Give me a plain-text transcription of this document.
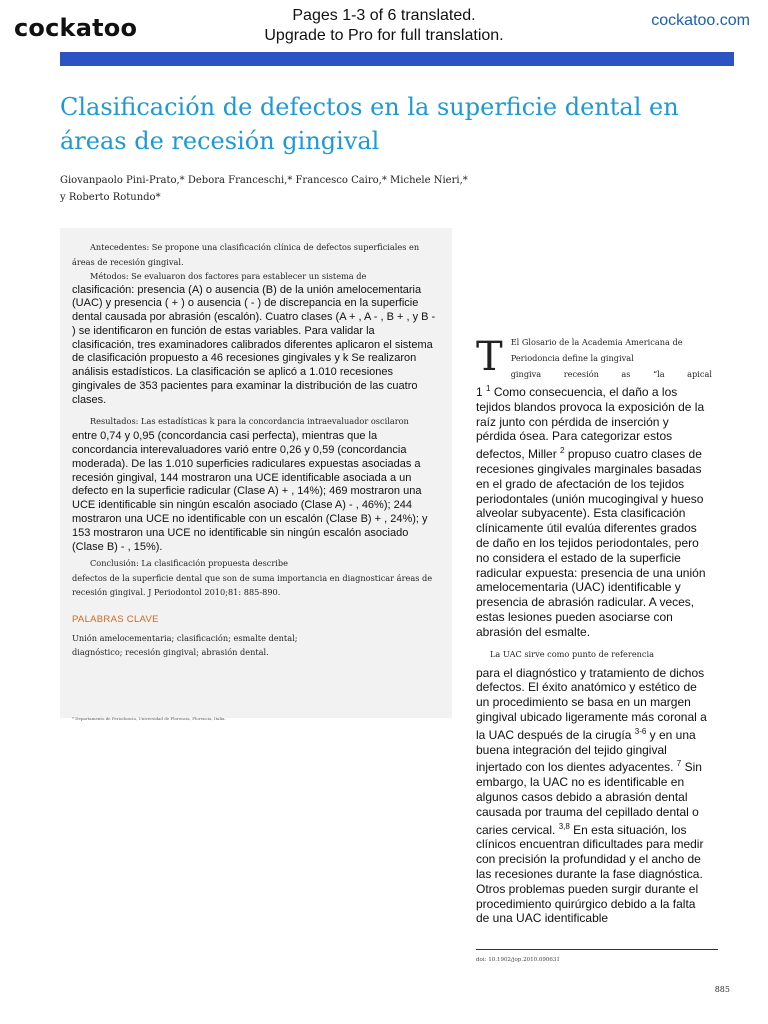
cockatoo	Pages 1-3 of 6 translated.
Upgrade to Pro for full translation.
cockatoo.com
Clasificación de defectos en la superficie dental en áreas de recesión gingival
Giovanpaolo Pini-Prato,* Debora Franceschi,* Francesco Cairo,* Michele Nieri,*
y Roberto Rotundo*

Antecedentes: Se propone una clasificación clínica de defectos superficiales en áreas de recesión gingival.

Métodos: Se evaluaron dos factores para establecer un sistema de

clasificación: presencia (A) o ausencia (B) de la unión amelocementaria (UAC) y presencia ( + ) o ausencia ( - ) de discrepancia en la superficie dental causada por abrasión (escalón). Cuatro clases (A + , A - , B + , y B - ) se identificaron en función de estas variables. Para validar la clasificación, tres examinadores calibrados diferentes aplicaron el sistema de clasificación propuesto a 46 recesiones gingivales y k Se realizaron análisis estadísticos. La clasificación se aplicó a 1.010 recesiones gingivales de 353 pacientes para examinar la distribución de las cuatro clases.

Resultados: Las estadísticas k para la concordancia intraevaluador oscilaron

entre 0,74 y 0,95 (concordancia casi perfecta), mientras que la concordancia interevaluadores varió entre 0,26 y 0,59 (concordancia moderada). De las 1.010 superficies radiculares expuestas asociadas a recesión gingival, 144 mostraron una UCE identificable asociada a un defecto en la superficie radicular (Clase A) + , 14%); 469 mostraron una UCE identificable sin ningún escalón asociado (Clase A) - , 46%); 244 mostraron una UCE no identificable con un escalón (Clase B) + , 24%); y 153 mostraron una UCE no identificable sin ningún escalón asociado (Clase B) - , 15%).

Conclusión: La clasificación propuesta describe

defectos de la superficie dental que son de suma importancia en diagnosticar áreas de recesión gingival. J Periodontol 2010;81: 885-890.

PALABRAS CLAVE

Unión amelocementaria; clasificación; esmalte dental; diagnóstico; recesión gingival; abrasión dental.

* Departamento de Periodoncia, Universidad de Florencia, Florencia, Italia.
T El Glosario de la Academia Americana de Periodoncia define la gingival

gingiva recesión as “la apical

1 $^1$ Como consecuencia, el daño a los tejidos blandos provoca la exposición de la raíz junto con pérdida de inserción y pérdida ósea. Para categorizar estos defectos, Miller $^2$ propuso cuatro clases de recesiones gingivales marginales basadas en el grado de afectación de los tejidos periodontales (unión mucogingival y hueso alveolar subyacente). Esta clasificación clínicamente útil evalúa diferentes grados de daño en los tejidos periodontales, pero no considera el estado de la superficie radicular expuesta: presencia de una unión amelocementaria (UAC) identificable y presencia de abrasión radicular. A veces, estas lesiones pueden asociarse con abrasión del esmalte.

La UAC sirve como punto de referencia

para el diagnóstico y tratamiento de dichos defectos. El éxito anatómico y estético de un procedimiento se basa en un margen gingival ubicado ligeramente más coronal a la UAC después de la cirugía $^{3-6}$ y en una buena integración del tejido gingival injertado con los dientes adyacentes. $^7$ Sin embargo, la UAC no es identificable en algunos casos debido a abrasión dental causada por trauma del cepillado dental o caries cervical. $^{3,8}$ En esta situación, los clínicos encuentran dificultades para medir con precisión la profundidad y el ancho de las recesiones durante la fase diagnóstica. Otros problemas pueden surgir durante el procedimiento quirúrgico debido a la falta de una UAC identificable

doi: 10.1902/jop.2010.090631
885
